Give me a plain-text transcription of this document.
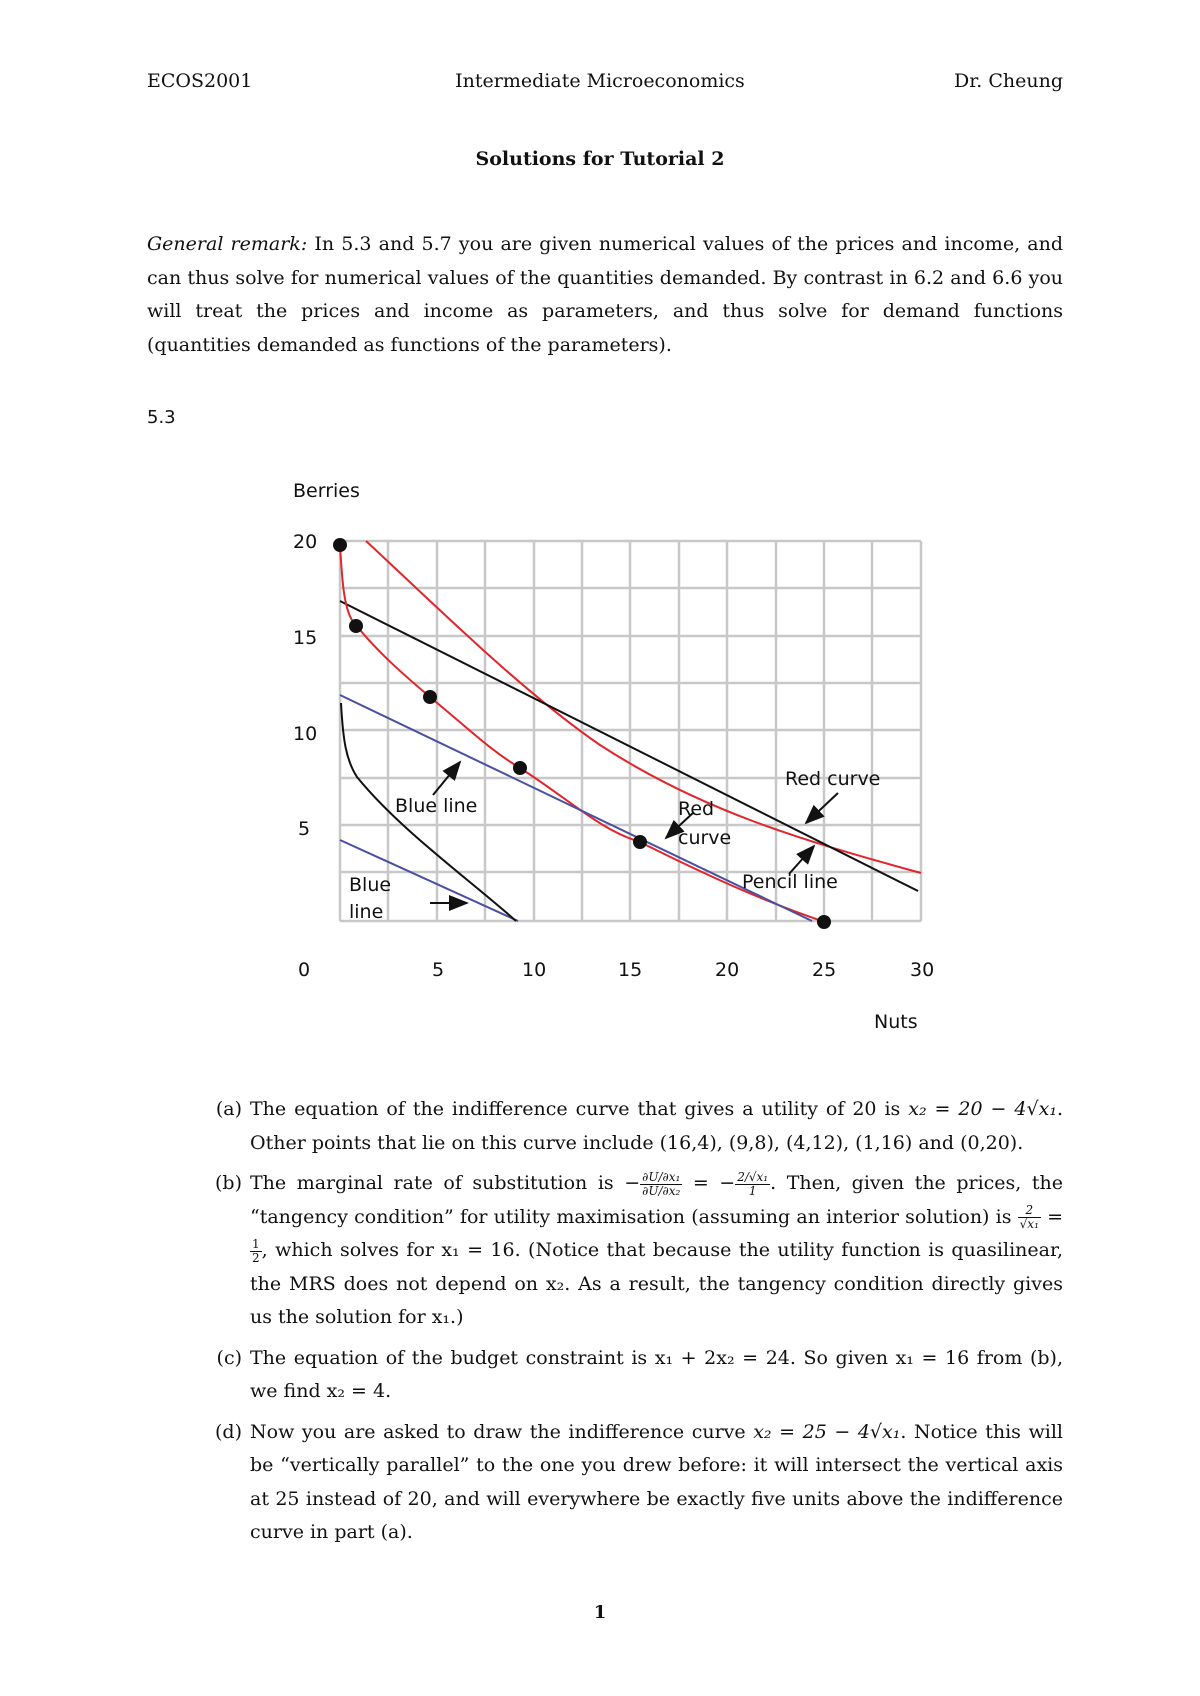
ECOS2001	Intermediate Microeconomics	Dr. Cheung
Solutions for Tutorial 2
General remark: In 5.3 and 5.7 you are given numerical values of the prices and income, and can thus solve for numerical values of the quantities demanded. By contrast in 6.2 and 6.6 you will treat the prices and income as parameters, and thus solve for demand functions (quantities demanded as functions of the parameters).
5.3
Berries
Nuts
20
15
10
5
0	5	10	15	20	25	30
Blue line
Blue
line
Red
curve
Red curve
Pencil line
(a) The equation of the indifference curve that gives a utility of 20 is x₂ = 20 − 4√x₁. Other points that lie on this curve include (16,4), (9,8), (4,12), (1,16) and (0,20).
(b) The marginal rate of substitution is − $\frac{\text{∂U/∂x₁}}{\text{∂U/∂x₂}}$ = − $\frac{\text{2/√x₁}}{1}$ . Then, given the prices, the “tangency condition” for utility maximisation (assuming an interior solution) is $\frac{2}{\text{√x₁}}$ =
$\frac{1}{2}$ , which solves for x₁ = 16. (Notice that because the utility function is quasilinear, the MRS does not depend on x₂. As a result, the tangency condition directly gives us the solution for x₁.)
(c) The equation of the budget constraint is x₁ + 2x₂ = 24. So given x₁ = 16 from (b), we find x₂ = 4.
(d) Now you are asked to draw the indifference curve x₂ = 25 − 4√x₁. Notice this will be “vertically parallel” to the one you drew before: it will intersect the vertical axis at 25 instead of 20, and will everywhere be exactly five units above the indifference curve in part (a).
1
